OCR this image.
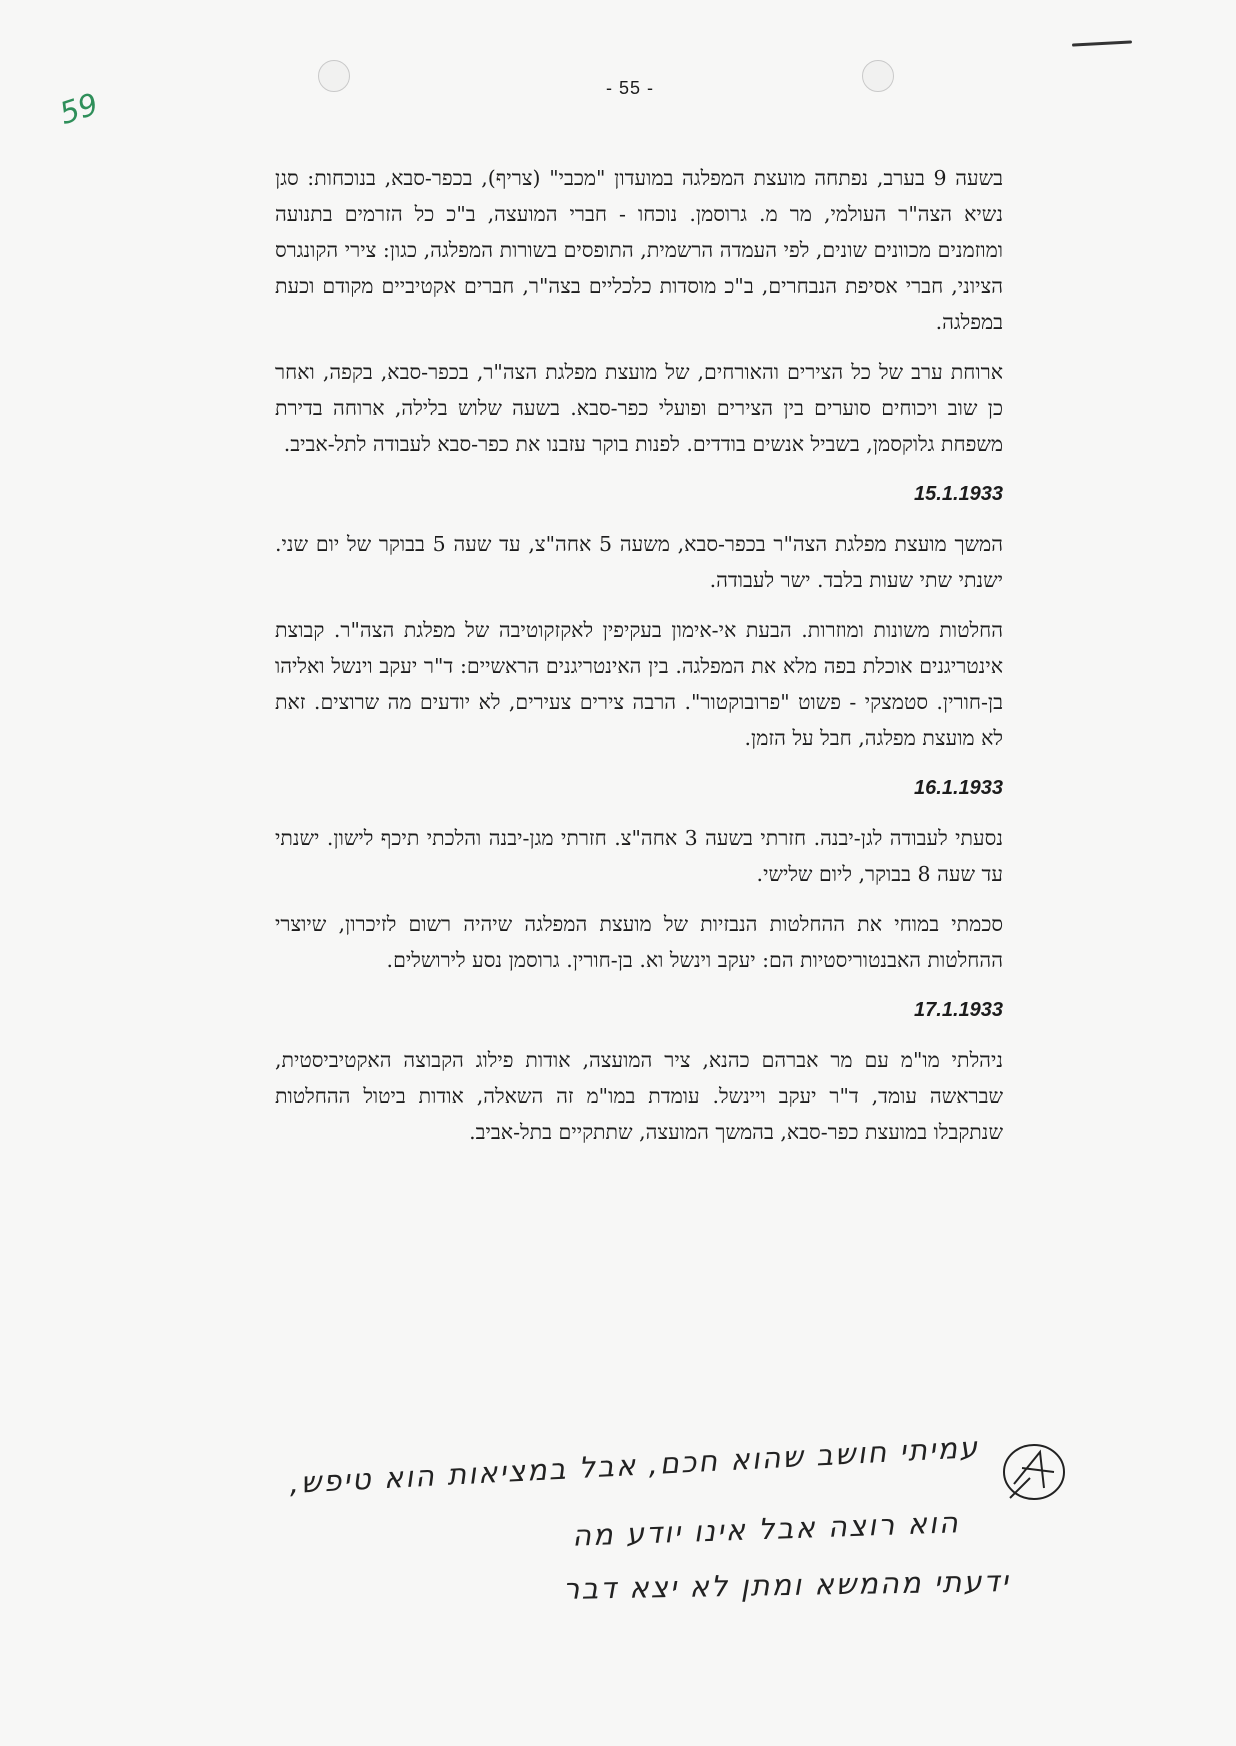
- 55 -
59

בשעה 9 בערב, נפתחה מועצת המפלגה במועדון "מכבי" (צריף), בכפר-סבא, בנוכחות: סגן נשיא הצה"ר העולמי, מר מ. גרוסמן. נוכחו - חברי המועצה, ב"כ כל הזרמים בתנועה ומוזמנים מכוונים שונים, לפי העמדה הרשמית, התופסים בשורות המפלגה, כגון: צירי הקונגרס הציוני, חברי אסיפת הנבחרים, ב"כ מוסדות כלכליים בצה"ר, חברים אקטיביים מקודם וכעת במפלגה.

ארוחת ערב של כל הצירים והאורחים, של מועצת מפלגת הצה"ר, בכפר-סבא, בקפה, ואחר כן שוב ויכוחים סוערים בין הצירים ופועלי כפר-סבא. בשעה שלוש בלילה, ארוחה בדירת משפחת גלוקסמן, בשביל אנשים בודדים. לפנות בוקר עזבנו את כפר-סבא לעבודה לתל-אביב.

15.1.1933

המשך מועצת מפלגת הצה"ר בכפר-סבא, משעה 5 אחה"צ, עד שעה 5 בבוקר של יום שני. ישנתי שתי שעות בלבד. ישר לעבודה.

החלטות משונות ומוזרות. הבעת אי-אימון בעקיפין לאקזקוטיבה של מפלגת הצה"ר. קבוצת אינטריגנים אוכלת בפה מלא את המפלגה. בין האינטריגנים הראשיים: ד"ר יעקב וינשל ואליהו בן-חורין. סטמצקי - פשוט "פרובוקטור". הרבה צירים צעירים, לא יודעים מה שרוצים. זאת לא מועצת מפלגה, חבל על הזמן.

16.1.1933

נסעתי לעבודה לגן-יבנה. חזרתי בשעה 3 אחה"צ. חזרתי מגן-יבנה והלכתי תיכף לישון. ישנתי עד שעה 8 בבוקר, ליום שלישי.

סכמתי במוחי את ההחלטות הנבזיות של מועצת המפלגה שיהיה רשום לזיכרון, שיוצרי ההחלטות האבנטוריסטיות הם: יעקב וינשל וא. בן-חורין. גרוסמן נסע לירושלים.

17.1.1933

ניהלתי מו"מ עם מר אברהם כהנא, ציר המועצה, אודות פילוג הקבוצה האקטיביסטית, שבראשה עומד, ד"ר יעקב ויינשל. עומדת במו"מ זה השאלה, אודות ביטול ההחלטות שנתקבלו במועצת כפר-סבא, בהמשך המועצה, שתתקיים בתל-אביב.

עמיתי חושב שהוא חכם, אבל במציאות הוא טיפש,
הוא רוצה אבל אינו יודע מה
ידעתי מהמשא ומתן לא יצא דבר
